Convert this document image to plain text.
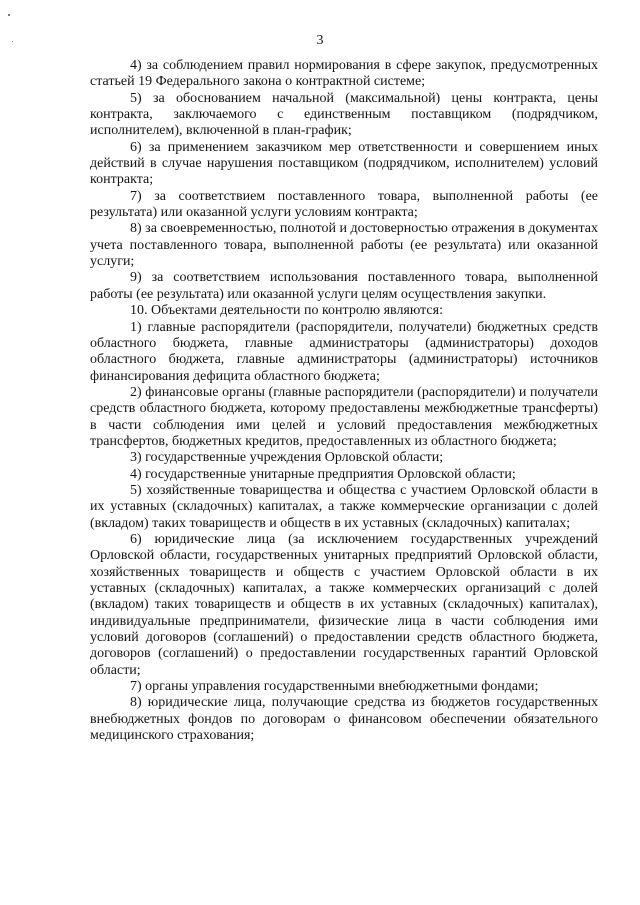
3

4) за соблюдением правил нормирования в сфере закупок, предусмотренных статьей 19 Федерального закона о контрактной системе;

5) за обоснованием начальной (максимальной) цены контракта, цены контракта, заключаемого с единственным поставщиком (подрядчиком, исполнителем), включенной в план-график;

6) за применением заказчиком мер ответственности и совершением иных действий в случае нарушения поставщиком (подрядчиком, исполнителем) условий контракта;

7) за соответствием поставленного товара, выполненной работы (ее результата) или оказанной услуги условиям контракта;

8) за своевременностью, полнотой и достоверностью отражения в документах учета поставленного товара, выполненной работы (ее результата) или оказанной услуги;

9) за соответствием использования поставленного товара, выполненной работы (ее результата) или оказанной услуги целям осуществления закупки.

10. Объектами деятельности по контролю являются:

1) главные распорядители (распорядители, получатели) бюджетных средств областного бюджета, главные администраторы (администраторы) доходов областного бюджета, главные администраторы (администраторы) источников финансирования дефицита областного бюджета;

2) финансовые органы (главные распорядители (распорядители) и получатели средств областного бюджета, которому предоставлены межбюджетные трансферты) в части соблюдения ими целей и условий предоставления межбюджетных трансфертов, бюджетных кредитов, предоставленных из областного бюджета;

3) государственные учреждения Орловской области;

4) государственные унитарные предприятия Орловской области;

5) хозяйственные товарищества и общества с участием Орловской области в их уставных (складочных) капиталах, а также коммерческие организации с долей (вкладом) таких товариществ и обществ в их уставных (складочных) капиталах;

6) юридические лица (за исключением государственных учреждений Орловской области, государственных унитарных предприятий Орловской области, хозяйственных товариществ и обществ с участием Орловской области в их уставных (складочных) капиталах, а также коммерческих организаций с долей (вкладом) таких товариществ и обществ в их уставных (складочных) капиталах), индивидуальные предприниматели, физические лица в части соблюдения ими условий договоров (соглашений) о предоставлении средств областного бюджета, договоров (соглашений) о предоставлении государственных гарантий Орловской области;

7) органы управления государственными внебюджетными фондами;

8) юридические лица, получающие средства из бюджетов государственных внебюджетных фондов по договорам о финансовом обеспечении обязательного медицинского страхования;
